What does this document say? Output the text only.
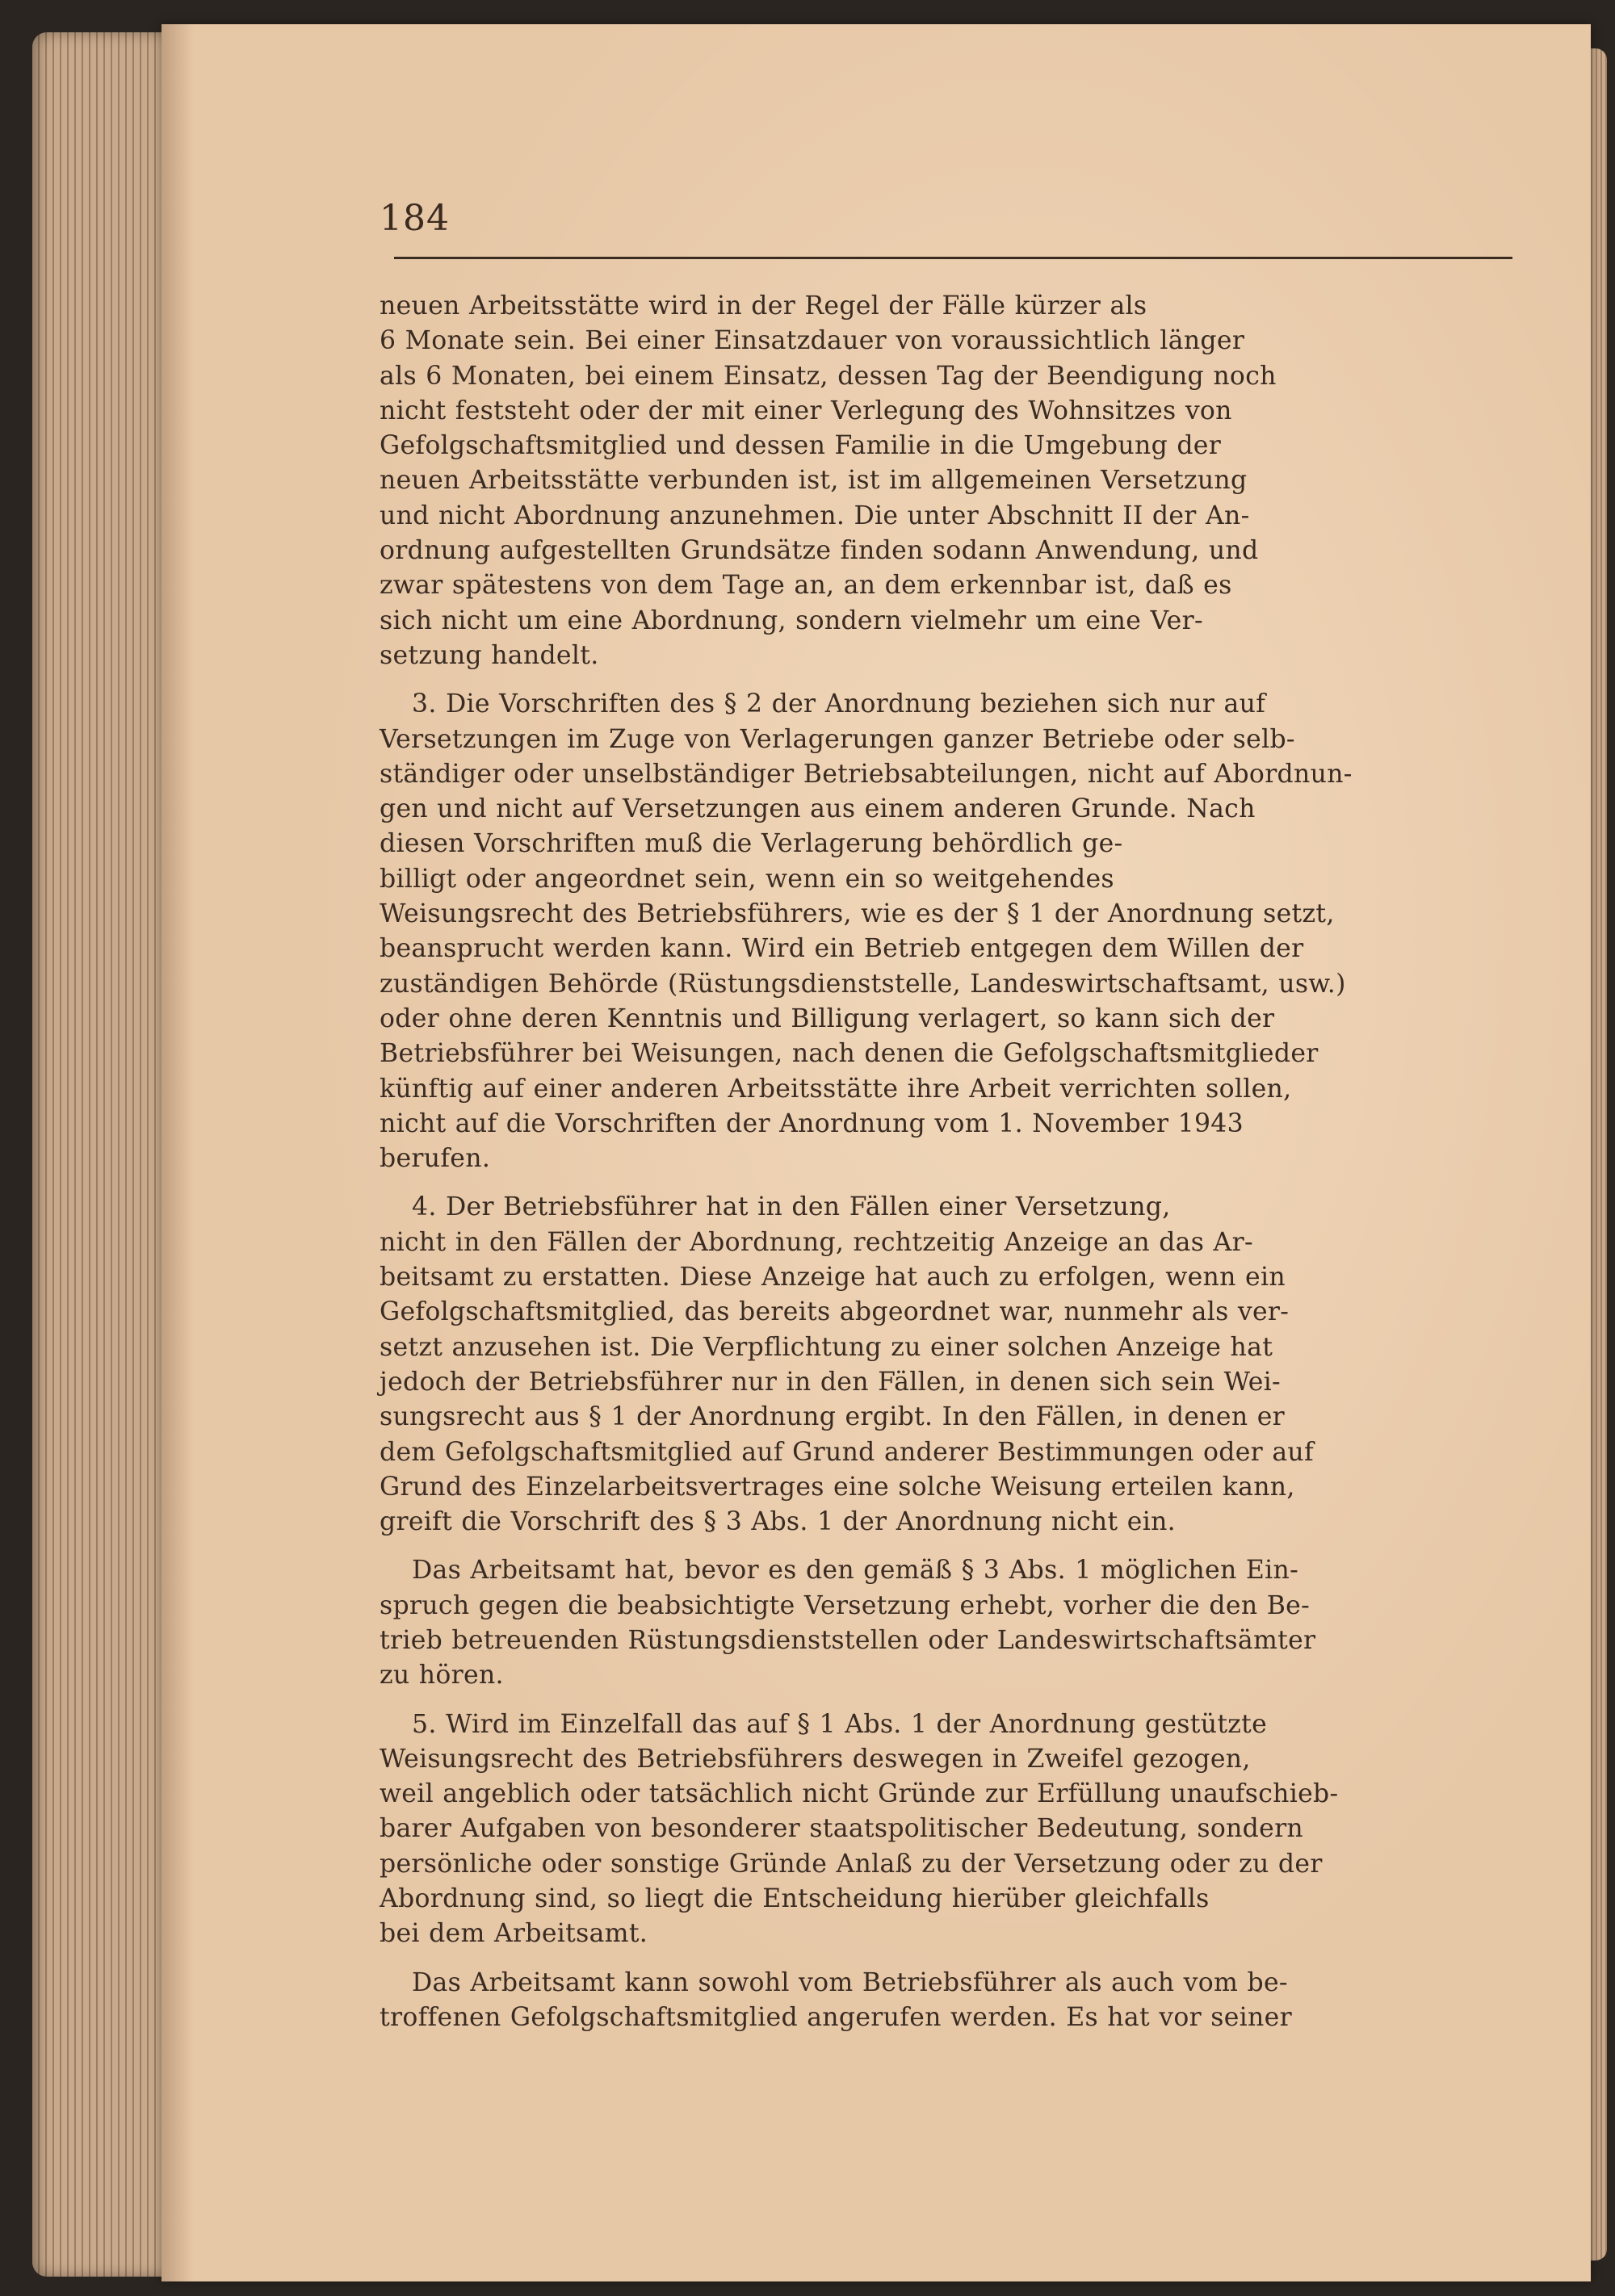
184
neuen Arbeitsstätte wird in der Regel der Fälle kürzer als
6 Monate sein. Bei einer Einsatzdauer von voraussichtlich länger
als 6 Monaten, bei einem Einsatz, dessen Tag der Beendigung noch
nicht feststeht oder der mit einer Verlegung des Wohnsitzes von
Gefolgschaftsmitglied und dessen Familie in die Umgebung der
neuen Arbeitsstätte verbunden ist, ist im allgemeinen Versetzung
und nicht Abordnung anzunehmen. Die unter Abschnitt II der An-
ordnung aufgestellten Grundsätze finden sodann Anwendung, und
zwar spätestens von dem Tage an, an dem erkennbar ist, daß es
sich nicht um eine Abordnung, sondern vielmehr um eine Ver-
setzung handelt.
3. Die Vorschriften des § 2 der Anordnung beziehen sich nur auf
Versetzungen im Zuge von Verlagerungen ganzer Betriebe oder selb-
ständiger oder unselbständiger Betriebsabteilungen, nicht auf Abordnun-
gen und nicht auf Versetzungen aus einem anderen Grunde. Nach
diesen Vorschriften muß die Verlagerung behördlich ge-
billigt oder angeordnet sein, wenn ein so weitgehendes
Weisungsrecht des Betriebsführers, wie es der § 1 der Anordnung setzt,
beansprucht werden kann. Wird ein Betrieb entgegen dem Willen der
zuständigen Behörde (Rüstungsdienststelle, Landeswirtschaftsamt, usw.)
oder ohne deren Kenntnis und Billigung verlagert, so kann sich der
Betriebsführer bei Weisungen, nach denen die Gefolgschaftsmitglieder
künftig auf einer anderen Arbeitsstätte ihre Arbeit verrichten sollen,
nicht auf die Vorschriften der Anordnung vom 1. November 1943
berufen.
4. Der Betriebsführer hat in den Fällen einer Versetzung,
nicht in den Fällen der Abordnung, rechtzeitig Anzeige an das Ar-
beitsamt zu erstatten. Diese Anzeige hat auch zu erfolgen, wenn ein
Gefolgschaftsmitglied, das bereits abgeordnet war, nunmehr als ver-
setzt anzusehen ist. Die Verpflichtung zu einer solchen Anzeige hat
jedoch der Betriebsführer nur in den Fällen, in denen sich sein Wei-
sungsrecht aus § 1 der Anordnung ergibt. In den Fällen, in denen er
dem Gefolgschaftsmitglied auf Grund anderer Bestimmungen oder auf
Grund des Einzelarbeitsvertrages eine solche Weisung erteilen kann,
greift die Vorschrift des § 3 Abs. 1 der Anordnung nicht ein.
Das Arbeitsamt hat, bevor es den gemäß § 3 Abs. 1 möglichen Ein-
spruch gegen die beabsichtigte Versetzung erhebt, vorher die den Be-
trieb betreuenden Rüstungsdienststellen oder Landeswirtschaftsämter
zu hören.
5. Wird im Einzelfall das auf § 1 Abs. 1 der Anordnung gestützte
Weisungsrecht des Betriebsführers deswegen in Zweifel gezogen,
weil angeblich oder tatsächlich nicht Gründe zur Erfüllung unaufschieb-
barer Aufgaben von besonderer staatspolitischer Bedeutung, sondern
persönliche oder sonstige Gründe Anlaß zu der Versetzung oder zu der
Abordnung sind, so liegt die Entscheidung hierüber gleichfalls
bei dem Arbeitsamt.
Das Arbeitsamt kann sowohl vom Betriebsführer als auch vom be-
troffenen Gefolgschaftsmitglied angerufen werden. Es hat vor seiner
